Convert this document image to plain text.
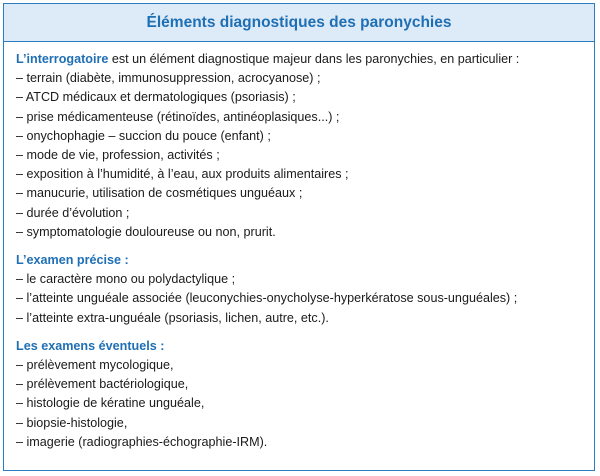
Éléments diagnostiques des paronychies
L’interrogatoire est un élément diagnostique majeur dans les paronychies, en particulier :
– terrain (diabète, immunosuppression, acrocyanose) ;
– ATCD médicaux et dermatologiques (psoriasis) ;
– prise médicamenteuse (rétinoïdes, antinéoplasiques...) ;
– onychophagie – succion du pouce (enfant) ;
– mode de vie, profession, activités ;
– exposition à l’humidité, à l’eau, aux produits alimentaires ;
– manucurie, utilisation de cosmétiques unguéaux ;
– durée d’évolution ;
– symptomatologie douloureuse ou non, prurit.
L’examen précise :
– le caractère mono ou polydactylique ;
– l’atteinte unguéale associée (leuconychies-onycholyse-hyperkératose sous-unguéales) ;
– l’atteinte extra-unguéale (psoriasis, lichen, autre, etc.).
Les examens éventuels :
– prélèvement mycologique,
– prélèvement bactériologique,
– histologie de kératine unguéale,
– biopsie-histologie,
– imagerie (radiographies-échographie-IRM).
